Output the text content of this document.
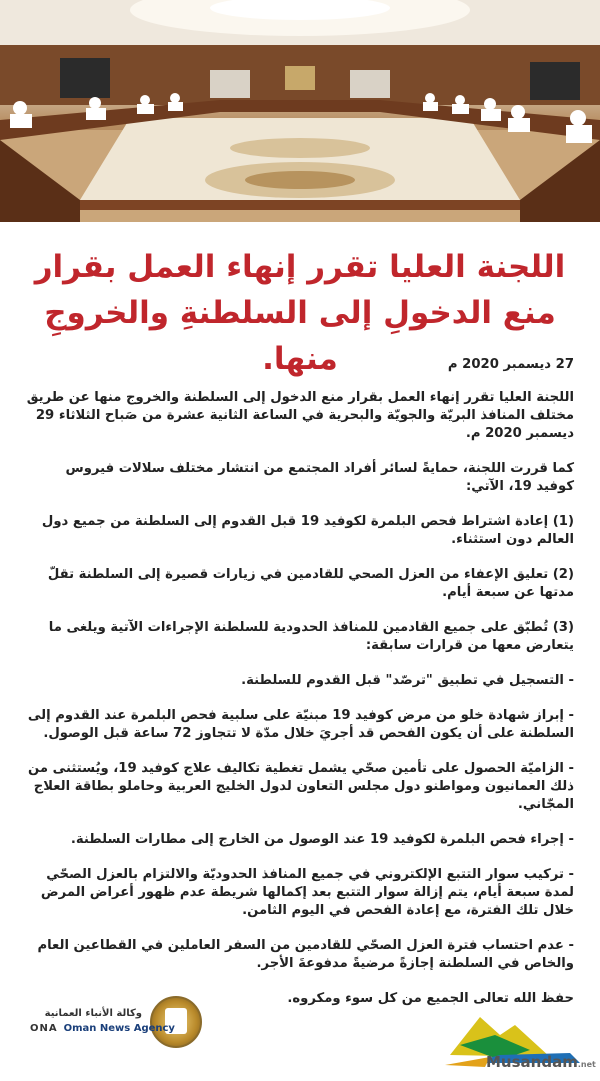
اللجنة العليا تقرر إنهاء العمل بقرار منع الدخولِ إلى السلطنةِ والخروجِ منها.	27 ديسمبر 2020 م

اللجنة العليا تقرر إنهاء العمل بقرار منع الدخول إلى السلطنة والخروج منها عن طريق مختلف المنافذ البريّة والجويّة والبحرية في الساعة الثانية عشرة من صَباح الثلاثاء 29 ديسمبر 2020 م.

كما قررت اللجنة، حمايةً لسائر أفراد المجتمع من انتشار مختلف سلالات فيروس كوفيد 19، الآتي:

(1) إعادة اشتراط فحص البلمرة لكوفيد 19 قبل القدوم إلى السلطنة من جميع دول العالم دون استثناء.

(2) تعليق الإعفاء من العزل الصحي للقادمين في زيارات قصيرة إلى السلطنة تقلّ مدتها عن سبعة أيام.

(3) تُطبّق على جميع القادمين للمنافذ الحدودية للسلطنة الإجراءات الآتية ويلغى ما يتعارض معها من قرارات سابقة:

- التسجيل في تطبيق "ترصّد" قبل القدوم للسلطنة.

- إبراز شهادة خلو من مرض كوفيد 19 مبنيّة على سلبية فحص البلمرة عند القدوم إلى السلطنة على أن يكون الفحص قد أجريَ خلال مدّة لا تتجاوز 72 ساعة قبل الوصول.

- الزاميّة الحصول على تأمين صحّي يشمل تغطية تكاليف علاج كوفيد 19، ويُستثنى من ذلك العمانيون ومواطنو دول مجلس التعاون لدول الخليج العربية وحاملو بطاقة العلاج المجّاني.

- إجراء فحص البلمرة لكوفيد 19 عند الوصول من الخارج إلى مطارات السلطنة.

- تركيب سوار التتبع الإلكتروني في جميع المنافذ الحدوديّة والالتزام بالعزل الصحّي لمدة سبعة أيام، يتم إزالة سوار التتبع بعد إكمالها شريطة عدم ظهور أعراض المرض خلال تلك الفترة، مع إعادة الفحص في اليوم الثامن.

- عدم احتساب فترة العزل الصحّي للقادمين من السفر العاملين في القطاعين العام والخاص في السلطنة إجازةً مرضيةً مدفوعةَ الأجر.

حفظ الله تعالى الجميع من كل سوء ومكروه.

وكالة الأنباء العمانية
ONA Oman News Agency
Musandam.net
